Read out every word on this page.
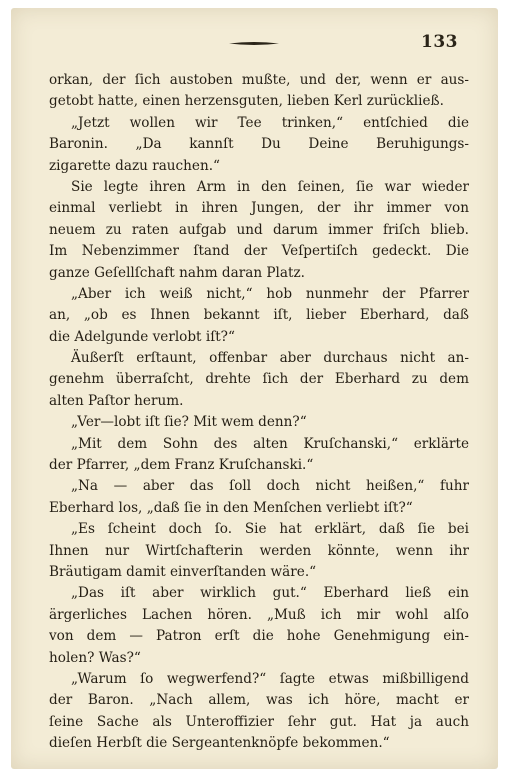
133
orkan, der ſich austoben mußte, und der, wenn er aus-
getobt hatte, einen herzensguten, lieben Kerl zurückließ.
„Jetzt wollen wir Tee trinken,“ entſchied die
Baronin. „Da kannſt Du Deine Beruhigungs-
zigarette dazu rauchen.“
Sie legte ihren Arm in den ſeinen, ſie war wieder
einmal verliebt in ihren Jungen, der ihr immer von
neuem zu raten aufgab und darum immer friſch blieb.
Im Nebenzimmer ſtand der Veſpertiſch gedeckt. Die
ganze Geſellſchaft nahm daran Platz.
„Aber ich weiß nicht,“ hob nunmehr der Pfarrer
an, „ob es Ihnen bekannt iſt, lieber Eberhard, daß
die Adelgunde verlobt iſt?“
Äußerſt erſtaunt, offenbar aber durchaus nicht an-
genehm überraſcht, drehte ſich der Eberhard zu dem
alten Paſtor herum.
„Ver—lobt iſt ſie? Mit wem denn?“
„Mit dem Sohn des alten Kruſchanski,“ erklärte
der Pfarrer, „dem Franz Kruſchanski.“
„Na — aber das ſoll doch nicht heißen,“ fuhr
Eberhard los, „daß ſie in den Menſchen verliebt iſt?“
„Es ſcheint doch ſo. Sie hat erklärt, daß ſie bei
Ihnen nur Wirtſchafterin werden könnte, wenn ihr
Bräutigam damit einverſtanden wäre.“
„Das iſt aber wirklich gut.“ Eberhard ließ ein
ärgerliches Lachen hören. „Muß ich mir wohl alſo
von dem — Patron erſt die hohe Genehmigung ein-
holen? Was?“
„Warum ſo wegwerfend?“ ſagte etwas mißbilligend
der Baron. „Nach allem, was ich höre, macht er
ſeine Sache als Unteroffizier ſehr gut. Hat ja auch
dieſen Herbſt die Sergeantenknöpfe bekommen.“
